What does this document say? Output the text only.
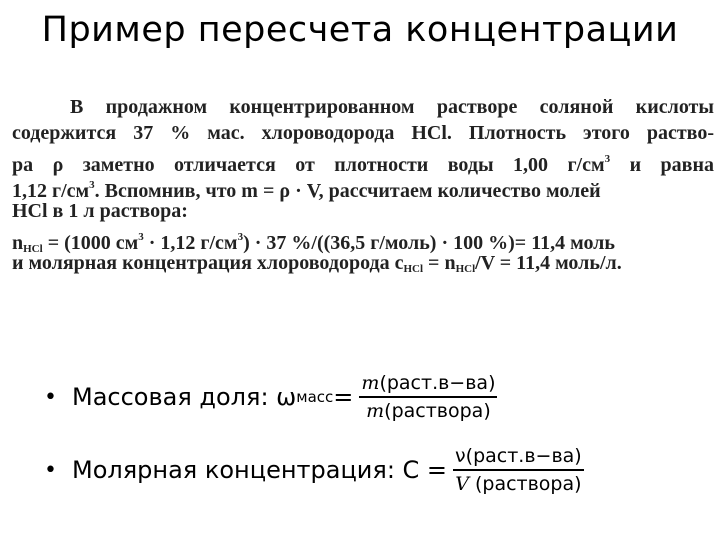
Пример пересчета концентрации
В продажном концентрированном растворе соляной кислоты
содержится 37 % мас. хлороводорода HCl. Плотность этого раство-
ра ρ заметно отличается от плотности воды 1,00 $г/см^3$ и равна
1,12 $г/см^3$. Вспомнив, что m = ρ · V, рассчитаем количество молей
HCl в 1 л раствора:
$n_{HCl} = (1000$ $см^3 \cdot 1,12$ $г/см^3) \cdot 37$ %/((36,5 г/моль) · 100 %)= 11,4 моль
и молярная концентрация хлороводорода $c_{HCl} = n_{HCl}/V = 11,4$ моль/л.
• Массовая доля: ω масс = $\frac{\text{m(раст.в−ва)}}{\text{m(раствора)}}$
• Молярная концентрация: $С = \frac{\text{ν(раст.в−ва)}}{\text{V (раствора)}}$
